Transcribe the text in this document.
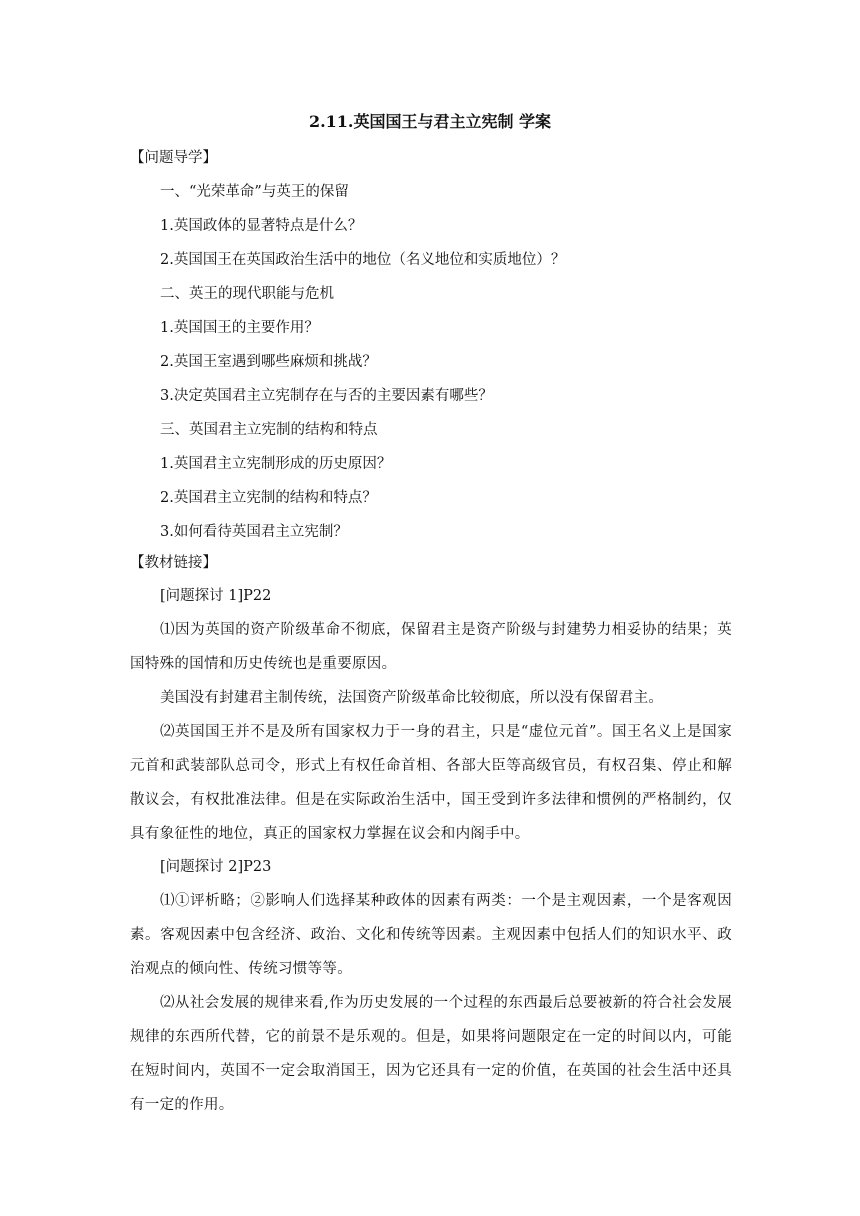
2.11.英国国王与君主立宪制 学案
【问题导学】
一、“光荣革命”与英王的保留
1.英国政体的显著特点是什么？
2.英国国王在英国政治生活中的地位（名义地位和实质地位）？
二、英王的现代职能与危机
1.英国国王的主要作用？
2.英国王室遇到哪些麻烦和挑战？
3.决定英国君主立宪制存在与否的主要因素有哪些？
三、英国君主立宪制的结构和特点
1.英国君主立宪制形成的历史原因？
2.英国君主立宪制的结构和特点？
3.如何看待英国君主立宪制？
【教材链接】
[问题探讨 1]P22
⑴因为英国的资产阶级革命不彻底，保留君主是资产阶级与封建势力相妥协的结果；英国特殊的国情和历史传统也是重要原因。
美国没有封建君主制传统，法国资产阶级革命比较彻底，所以没有保留君主。
⑵英国国王并不是及所有国家权力于一身的君主，只是“虚位元首”。国王名义上是国家元首和武装部队总司令，形式上有权任命首相、各部大臣等高级官员，有权召集、停止和解散议会，有权批准法律。但是在实际政治生活中，国王受到许多法律和惯例的严格制约，仅具有象征性的地位，真正的国家权力掌握在议会和内阁手中。
[问题探讨 2]P23
⑴①评析略；②影响人们选择某种政体的因素有两类：一个是主观因素，一个是客观因素。客观因素中包含经济、政治、文化和传统等因素。主观因素中包括人们的知识水平、政治观点的倾向性、传统习惯等等。
⑵从社会发展的规律来看,作为历史发展的一个过程的东西最后总要被新的符合社会发展规律的东西所代替，它的前景不是乐观的。但是，如果将问题限定在一定的时间以内，可能在短时间内，英国不一定会取消国王，因为它还具有一定的价值，在英国的社会生活中还具有一定的作用。
